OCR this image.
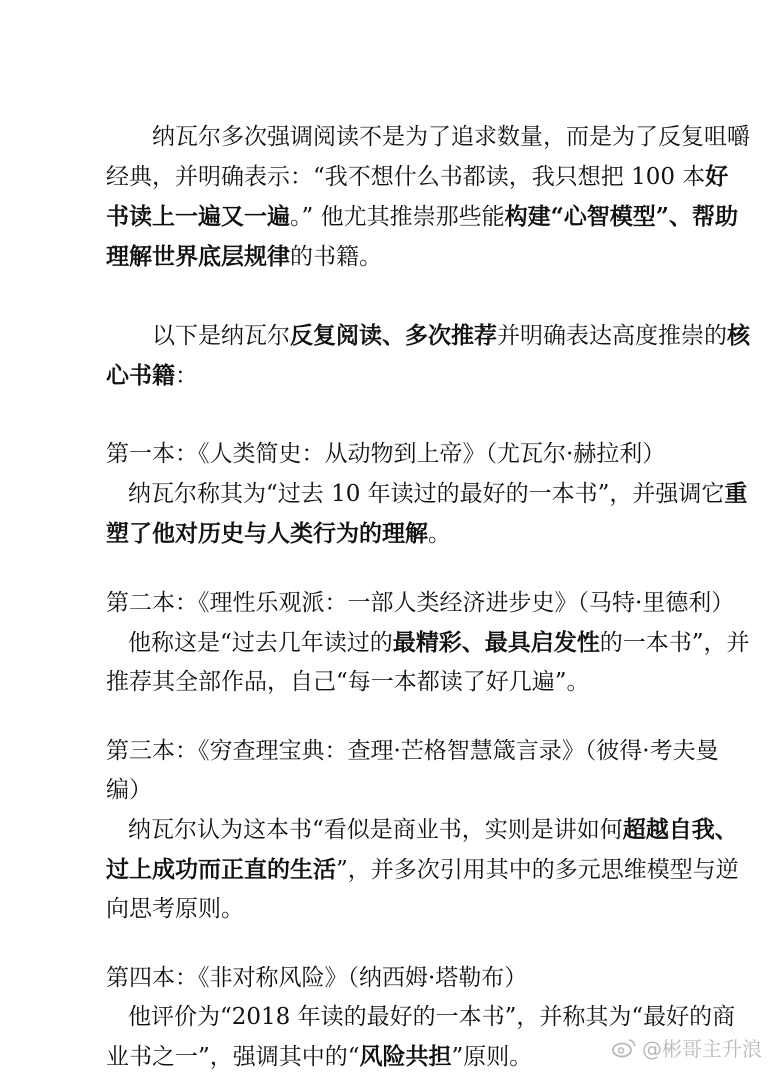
纳瓦尔多次强调阅读不是为了追求数量，而是为了反复咀嚼经典，并明确表示：“我不想什么书都读，我只想把 100 本好书读上一遍又一遍。” 他尤其推崇那些能构建“心智模型”、帮助理解世界底层规律的书籍。

以下是纳瓦尔反复阅读、多次推荐并明确表达高度推崇的核心书籍：

第一本：《人类简史：从动物到上帝》（尤瓦尔·赫拉利）
纳瓦尔称其为“过去 10 年读过的最好的一本书”，并强调它重塑了他对历史与人类行为的理解。
第二本：《理性乐观派：一部人类经济进步史》（马特·里德利）
他称这是“过去几年读过的最精彩、最具启发性的一本书”，并推荐其全部作品，自己“每一本都读了好几遍”。
第三本：《穷查理宝典：查理·芒格智慧箴言录》（彼得·考夫曼编）
纳瓦尔认为这本书“看似是商业书，实则是讲如何超越自我、过上成功而正直的生活”，并多次引用其中的多元思维模型与逆向思考原则。
第四本：《非对称风险》（纳西姆·塔勒布）
他评价为“2018 年读的最好的一本书”，并称其为“最好的商业书之一”，强调其中的“风险共担”原则。	@彬哥主升浪
